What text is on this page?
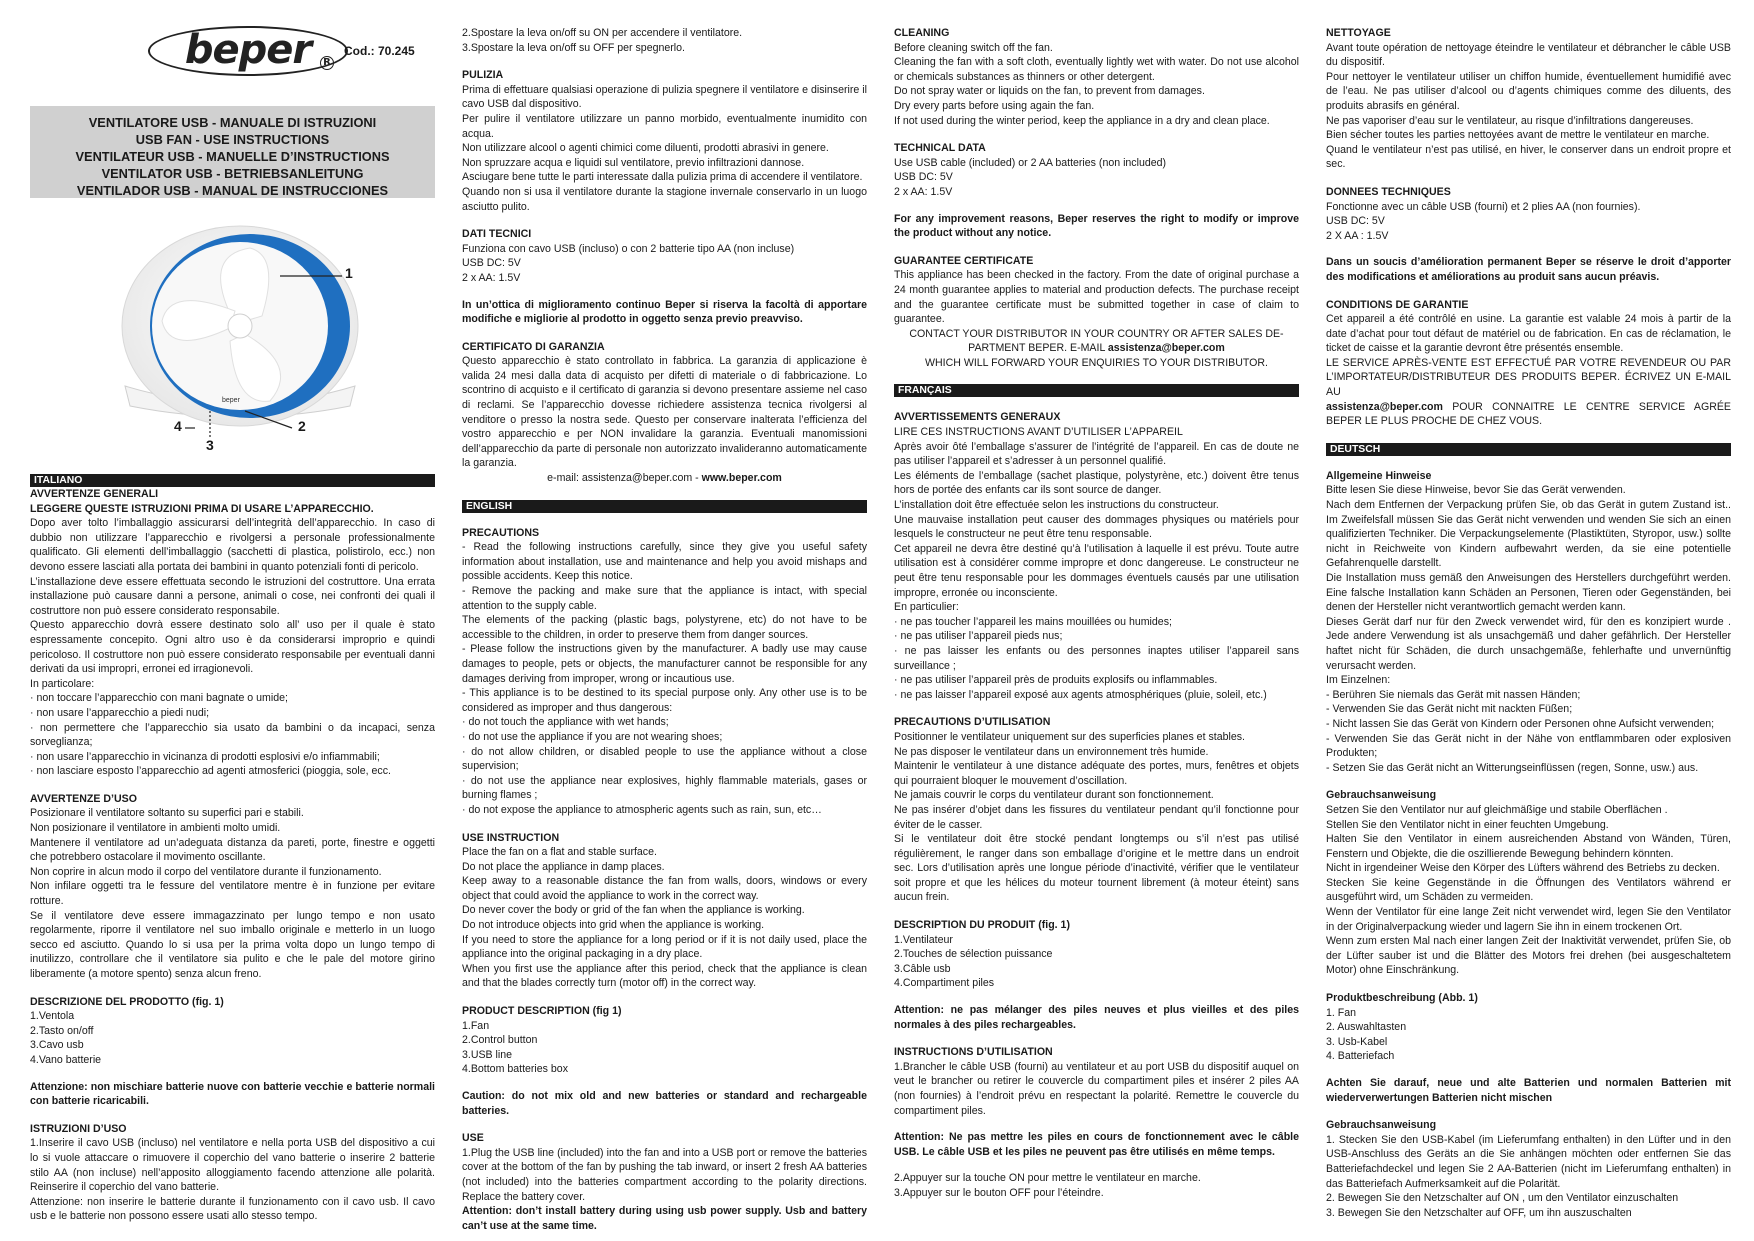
beper	R
Cod.: 70.245
VENTILATORE USB - MANUALE DI ISTRUZIONI
USB FAN - USE INSTRUCTIONS
VENTILATEUR USB - MANUELLE D’INSTRUCTIONS
VENTILATOR USB - BETRIEBSANLEITUNG
VENTILADOR USB - MANUAL DE INSTRUCCIONES
beper
1
2
3
4
ITALIANO

AVVERTENZE GENERALI

LEGGERE QUESTE ISTRUZIONI PRIMA DI USARE L’APPARECCHIO.

Dopo aver tolto l’imballaggio assicurarsi dell’integrità dell’apparecchio. In caso di dubbio non utilizzare l’apparecchio e rivolgersi a personale professionalmente qualificato. Gli elementi dell’imballaggio (sacchetti di plastica, polistirolo, ecc.) non devono essere lasciati alla portata dei bambini in quanto potenziali fonti di pericolo.

L’installazione deve essere effettuata secondo le istruzioni del costruttore. Una errata installazione può causare danni a persone, animali o cose, nei confronti dei quali il costruttore non può essere considerato responsabile.

Questo apparecchio dovrà essere destinato solo all’ uso per il quale è stato espressamente concepito. Ogni altro uso è da considerarsi improprio e quindi pericoloso. Il costruttore non può essere considerato responsabile per eventuali danni derivati da usi impropri, erronei ed irragionevoli.

In particolare:

· non toccare l’apparecchio con mani bagnate o umide;

· non usare l’apparecchio a piedi nudi;

· non permettere che l’apparecchio sia usato da bambini o da incapaci, senza sorveglianza;

· non usare l’apparecchio in vicinanza di prodotti esplosivi e/o infiammabili;

· non lasciare esposto l’apparecchio ad agenti atmosferici (pioggia, sole, ecc.

AVVERTENZE D’USO

Posizionare il ventilatore soltanto su superfici pari e stabili.

Non posizionare il ventilatore in ambienti molto umidi.

Mantenere il ventilatore ad un’adeguata distanza da pareti, porte, finestre e oggetti che potrebbero ostacolare il movimento oscillante.

Non coprire in alcun modo il corpo del ventilatore durante il funzionamento.

Non infilare oggetti tra le fessure del ventilatore mentre è in funzione per evitare rotture.

Se il ventilatore deve essere immagazzinato per lungo tempo e non usato regolarmente, riporre il ventilatore nel suo imballo originale e metterlo in un luogo secco ed asciutto. Quando lo si usa per la prima volta dopo un lungo tempo di inutilizzo, controllare che il ventilatore sia pulito e che le pale del motore girino liberamente (a motore spento) senza alcun freno.

DESCRIZIONE DEL PRODOTTO (fig. 1)

1.Ventola

2.Tasto on/off

3.Cavo usb

4.Vano batterie

Attenzione: non mischiare batterie nuove con batterie vecchie e batterie normali con batterie ricaricabili.

ISTRUZIONI D’USO

1.Inserire il cavo USB (incluso) nel ventilatore e nella porta USB del dispositivo a cui lo si vuole attaccare o rimuovere il coperchio del vano batterie o inserire 2 batterie stilo AA (non incluse) nell’apposito alloggiamento facendo attenzione alle polarità. Reinserire il coperchio del vano batterie.

Attenzione: non inserire le batterie durante il funzionamento con il cavo usb. Il cavo usb e le batterie non possono essere usati allo stesso tempo.

2.Spostare la leva on/off su ON per accendere il ventilatore.

3.Spostare la leva on/off su OFF per spegnerlo.

PULIZIA

Prima di effettuare qualsiasi operazione di pulizia spegnere il ventilatore e disinserire il cavo USB dal dispositivo.

Per pulire il ventilatore utilizzare un panno morbido, eventualmente inumidito con acqua.

Non utilizzare alcool o agenti chimici come diluenti, prodotti abrasivi in genere.

Non spruzzare acqua e liquidi sul ventilatore, previo infiltrazioni dannose.

Asciugare bene tutte le parti interessate dalla pulizia prima di accendere il ventilatore.

Quando non si usa il ventilatore durante la stagione invernale conservarlo in un luogo asciutto pulito.

DATI TECNICI

Funziona con cavo USB (incluso) o con 2 batterie tipo AA (non incluse)

USB DC: 5V

2 x AA: 1.5V

In un’ottica di miglioramento continuo Beper si riserva la facoltà di apportare modifiche e migliorie al prodotto in oggetto senza previo preavviso.

CERTIFICATO DI GARANZIA

Questo apparecchio è stato controllato in fabbrica. La garanzia di applicazione è valida 24 mesi dalla data di acquisto per difetti di materiale o di fabbricazione. Lo scontrino di acquisto e il certificato di garanzia si devono presentare assieme nel caso di reclami. Se l’apparecchio dovesse richiedere assistenza tecnica rivolgersi al venditore o presso la nostra sede. Questo per conservare inalterata l’efficienza del vostro apparecchio e per NON invalidare la garanzia. Eventuali manomissioni dell’apparecchio da parte di personale non autorizzato invalideranno automaticamente la garanzia.

e-mail: assistenza@beper.com - www.beper.com

ENGLISH

PRECAUTIONS

- Read the following instructions carefully, since they give you useful safety information about installation, use and maintenance and help you avoid mishaps and possible accidents. Keep this notice.

- Remove the packing and make sure that the appliance is intact, with special attention to the supply cable.

The elements of the packing (plastic bags, polystyrene, etc) do not have to be accessible to the children, in order to preserve them from danger sources.

- Please follow the instructions given by the manufacturer. A badly use may cause damages to people, pets or objects, the manufacturer cannot be responsible for any damages deriving from improper, wrong or incautious use.

- This appliance is to be destined to its special purpose only. Any other use is to be considered as improper and thus dangerous:

· do not touch the appliance with wet hands;

· do not use the appliance if you are not wearing shoes;

· do not allow children, or disabled people to use the appliance without a close supervision;

· do not use the appliance near explosives, highly flammable materials, gases or burning flames ;

· do not expose the appliance to atmospheric agents such as rain, sun, etc…

USE INSTRUCTION

Place the fan on a flat and stable surface.

Do not place the appliance in damp places.

Keep away to a reasonable distance the fan from walls, doors, windows or every object that could avoid the appliance to work in the correct way.

Do never cover the body or grid of the fan when the appliance is working.

Do not introduce objects into grid when the appliance is working.

If you need to store the appliance for a long period or if it is not daily used, place the appliance into the original packaging in a dry place.

When you first use the appliance after this period, check that the appliance is clean and that the blades correctly turn (motor off) in the correct way.

PRODUCT DESCRIPTION (fig 1)

1.Fan

2.Control button

3.USB line

4.Bottom batteries box

Caution: do not mix old and new batteries or standard and rechargeable batteries.

USE

1.Plug the USB line (included) into the fan and into a USB port or remove the batteries cover at the bottom of the fan by pushing the tab inward, or insert 2 fresh AA batteries (not included) into the batteries compartment according to the polarity directions. Replace the battery cover.

Attention: don’t install battery during using usb power supply. Usb and battery can’t use at the same time.

CLEANING

Before cleaning switch off the fan.

Cleaning the fan with a soft cloth, eventually lightly wet with water. Do not use alcohol or chemicals substances as thinners or other detergent.

Do not spray water or liquids on the fan, to prevent from damages.

Dry every parts before using again the fan.

If not used during the winter period, keep the appliance in a dry and clean place.

TECHNICAL DATA

Use USB cable (included) or 2 AA batteries (non included)

USB DC: 5V

2 x AA: 1.5V

For any improvement reasons, Beper reserves the right to modify or improve the product without any notice.

GUARANTEE CERTIFICATE

This appliance has been checked in the factory. From the date of original purchase a 24 month guarantee applies to material and production defects. The purchase receipt and the guarantee certificate must be submitted together in case of claim to guarantee.

CONTACT YOUR DISTRIBUTOR IN YOUR COUNTRY OR AFTER SALES DE-

PARTMENT BEPER. E-MAIL assistenza@beper.com

WHICH WILL FORWARD YOUR ENQUIRIES TO YOUR DISTRIBUTOR.

FRANÇAIS

AVVERTISSEMENTS GENERAUX

LIRE CES INSTRUCTIONS AVANT D’UTILISER L’APPAREIL

Après avoir ôté l’emballage s’assurer de l’intégrité de l’appareil. En cas de doute ne pas utiliser l’appareil et s’adresser à un personnel qualifié.

Les éléments de l’emballage (sachet plastique, polystyrène, etc.) doivent être tenus hors de portée des enfants car ils sont source de danger.

L’installation doit être effectuée selon les instructions du constructeur.

Une mauvaise installation peut causer des dommages physiques ou matériels pour lesquels le constructeur ne peut être tenu responsable.

Cet appareil ne devra être destiné qu’à l’utilisation à laquelle il est prévu. Toute autre utilisation est à considérer comme impropre et donc dangereuse. Le constructeur ne peut être tenu responsable pour les dommages éventuels causés par une utilisation impropre, erronée ou inconsciente.

En particulier:

· ne pas toucher l’appareil les mains mouillées ou humides;

· ne pas utiliser l’appareil pieds nus;

· ne pas laisser les enfants ou des personnes inaptes utiliser l’appareil sans surveillance ;

· ne pas utiliser l’appareil près de produits explosifs ou inflammables.

· ne pas laisser l’appareil exposé aux agents atmosphériques (pluie, soleil, etc.)

PRECAUTIONS D’UTILISATION

Positionner le ventilateur uniquement sur des superficies planes et stables.

Ne pas disposer le ventilateur dans un environnement très humide.

Maintenir le ventilateur à une distance adéquate des portes, murs, fenêtres et objets qui pourraient bloquer le mouvement d’oscillation.

Ne jamais couvrir le corps du ventilateur durant son fonctionnement.

Ne pas insérer d’objet dans les fissures du ventilateur pendant qu’il fonctionne pour éviter de le casser.

Si le ventilateur doit être stocké pendant longtemps ou s’il n’est pas utilisé régulièrement, le ranger dans son emballage d’origine et le mettre dans un endroit sec. Lors d’utilisation après une longue période d’inactivité, vérifier que le ventilateur soit propre et que les hélices du moteur tournent librement (à moteur éteint) sans aucun frein.

DESCRIPTION DU PRODUIT (fig. 1)

1.Ventilateur

2.Touches de sélection puissance

3.Câble usb

4.Compartiment piles

Attention: ne pas mélanger des piles neuves et plus vieilles et des piles normales à des piles rechargeables.

INSTRUCTIONS D’UTILISATION

1.Brancher le câble USB (fourni) au ventilateur et au port USB du dispositif auquel on veut le brancher ou retirer le couvercle du compartiment piles et insérer 2 piles AA (non fournies) à l’endroit prévu en respectant la polarité. Remettre le couvercle du compartiment piles.

Attention: Ne pas mettre les piles en cours de fonctionnement avec le câble USB. Le câble USB et les piles ne peuvent pas être utilisés en même temps.

2.Appuyer sur la touche ON pour mettre le ventilateur en marche.

3.Appuyer sur le bouton OFF pour l’éteindre.

NETTOYAGE

Avant toute opération de nettoyage éteindre le ventilateur et débrancher le câble USB du dispositif.

Pour nettoyer le ventilateur utiliser un chiffon humide, éventuellement humidifié avec de l’eau. Ne pas utiliser d’alcool ou d’agents chimiques comme des diluents, des produits abrasifs en général.

Ne pas vaporiser d’eau sur le ventilateur, au risque d’infiltrations dangereuses.

Bien sécher toutes les parties nettoyées avant de mettre le ventilateur en marche.

Quand le ventilateur n’est pas utilisé, en hiver, le conserver dans un endroit propre et sec.

DONNEES TECHNIQUES

Fonctionne avec un câble USB (fourni) et 2 plies AA (non fournies).

USB DC: 5V

2 X AA : 1.5V

Dans un soucis d’amélioration permanent Beper se réserve le droit d’apporter des modifications et améliorations au produit sans aucun préavis.

CONDITIONS DE GARANTIE

Cet appareil a été contrôlé en usine. La garantie est valable 24 mois à partir de la date d’achat pour tout défaut de matériel ou de fabrication. En cas de réclamation, le ticket de caisse et la garantie devront être présentés ensemble.

LE SERVICE APRÈS-VENTE EST EFFECTUÉ PAR VOTRE REVENDEUR OU PAR L’IMPORTATEUR/DISTRIBUTEUR DES PRODUITS BEPER. ÉCRIVEZ UN E-MAIL AU

assistenza@beper.com POUR CONNAITRE LE CENTRE SERVICE AGRÉE BEPER LE PLUS PROCHE DE CHEZ VOUS.

DEUTSCH

Allgemeine Hinweise

Bitte lesen Sie diese Hinweise, bevor Sie das Gerät verwenden.

Nach dem Entfernen der Verpackung prüfen Sie, ob das Gerät in gutem Zustand ist.. Im Zweifelsfall müssen Sie das Gerät nicht verwenden und wenden Sie sich an einen qualifizierten Techniker. Die Verpackungselemente (Plastiktüten, Styropor, usw.) sollte nicht in Reichweite von Kindern aufbewahrt werden, da sie eine potentielle Gefahrenquelle darstellt.

Die Installation muss gemäß den Anweisungen des Herstellers durchgeführt werden. Eine falsche Installation kann Schäden an Personen, Tieren oder Gegenständen, bei denen der Hersteller nicht verantwortlich gemacht werden kann.

Dieses Gerät darf nur für den Zweck verwendet wird, für den es konzipiert wurde . Jede andere Verwendung ist als unsachgemäß und daher gefährlich. Der Hersteller haftet nicht für Schäden, die durch unsachgemäße, fehlerhafte und unvernünftig verursacht werden.

Im Einzelnen:

- Berühren Sie niemals das Gerät mit nassen Händen;

- Verwenden Sie das Gerät nicht mit nackten Füßen;

- Nicht lassen Sie das Gerät von Kindern oder Personen ohne Aufsicht verwenden;

- Verwenden Sie das Gerät nicht in der Nähe von entflammbaren oder explosiven Produkten;

- Setzen Sie das Gerät nicht an Witterungseinflüssen (regen, Sonne, usw.) aus.

Gebrauchsanweisung

Setzen Sie den Ventilator nur auf gleichmäßige und stabile Oberflächen .

Stellen Sie den Ventilator nicht in einer feuchten Umgebung.

Halten Sie den Ventilator in einem ausreichenden Abstand von Wänden, Türen, Fenstern und Objekte, die die oszillierende Bewegung behindern könnten.

Nicht in irgendeiner Weise den Körper des Lüfters während des Betriebs zu decken.

Stecken Sie keine Gegenstände in die Öffnungen des Ventilators während er ausgeführt wird, um Schäden zu vermeiden.

Wenn der Ventilator für eine lange Zeit nicht verwendet wird, legen Sie den Ventilator in der Originalverpackung wieder und lagern Sie ihn in einem trockenen Ort.

Wenn zum ersten Mal nach einer langen Zeit der Inaktivität verwendet, prüfen Sie, ob der Lüfter sauber ist und die Blätter des Motors frei drehen (bei ausgeschaltetem Motor) ohne Einschränkung.

Produktbeschreibung (Abb. 1)

1. Fan

2. Auswahltasten

3. Usb-Kabel

4. Batteriefach

Achten Sie darauf, neue und alte Batterien und normalen Batterien mit wiederverwertungen Batterien nicht mischen

Gebrauchsanweisung

1. Stecken Sie den USB-Kabel (im Lieferumfang enthalten) in den Lüfter und in den USB-Anschluss des Geräts an die Sie anhängen möchten oder entfernen Sie das Batteriefachdeckel und legen Sie 2 AA-Batterien (nicht im Lieferumfang enthalten) in das Batteriefach Aufmerksamkeit auf die Polarität.

2. Bewegen Sie den Netzschalter auf ON , um den Ventilator einzuschalten

3. Bewegen Sie den Netzschalter auf OFF, um ihn auszuschalten
